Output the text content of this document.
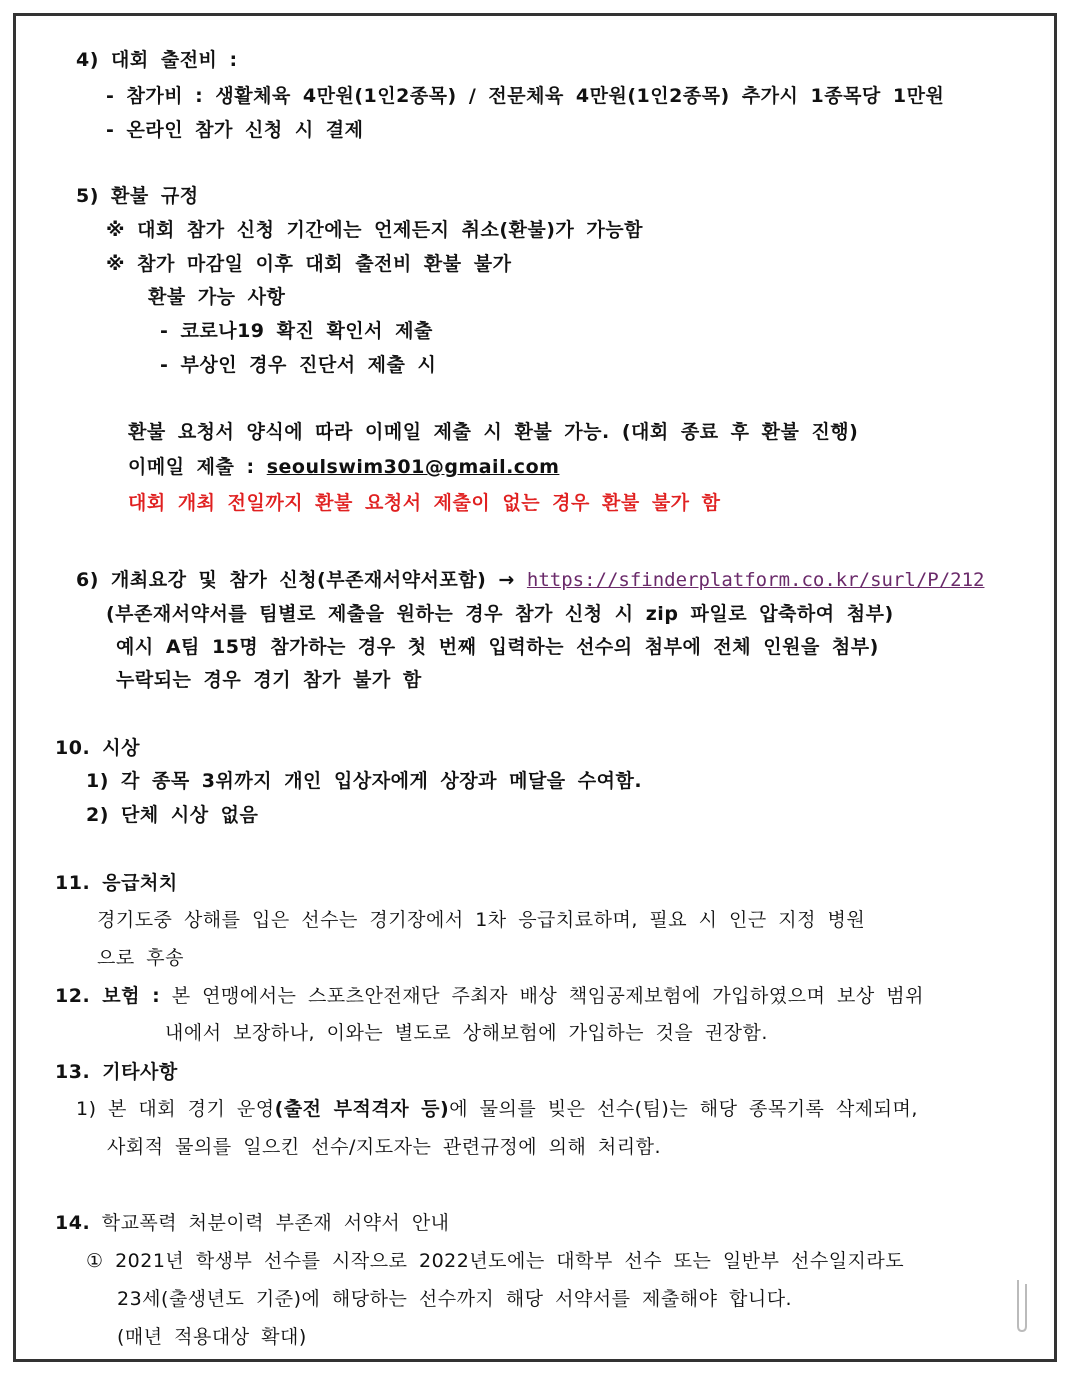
4) 대회 출전비 :
- 참가비 : 생활체육 4만원(1인2종목) / 전문체육 4만원(1인2종목) 추가시 1종목당 1만원
- 온라인 참가 신청 시 결제
5) 환불 규정
※ 대회 참가 신청 기간에는 언제든지 취소(환불)가 가능함
※ 참가 마감일 이후 대회 출전비 환불 불가
환불 가능 사항
- 코로나19 확진 확인서 제출
- 부상인 경우 진단서 제출 시
환불 요청서 양식에 따라 이메일 제출 시 환불 가능. (대회 종료 후 환불 진행)
이메일 제출 : seoulswim301@gmail.com
대회 개최 전일까지 환불 요청서 제출이 없는 경우 환불 불가 함
6) 개최요강 및 참가 신청(부존재서약서포함) → https://sfinderplatform.co.kr/surl/P/212
(부존재서약서를 팀별로 제출을 원하는 경우 참가 신청 시 zip 파일로 압축하여 첨부)
예시 A팀 15명 참가하는 경우 첫 번째 입력하는 선수의 첨부에 전체 인원을 첨부)
누락되는 경우 경기 참가 불가 함
10. 시상
1) 각 종목 3위까지 개인 입상자에게 상장과 메달을 수여함.
2) 단체 시상 없음
11. 응급처치
경기도중 상해를 입은 선수는 경기장에서 1차 응급치료하며, 필요 시 인근 지정 병원
으로 후송
12. 보험 : 본 연맹에서는 스포츠안전재단 주최자 배상 책임공제보험에 가입하였으며 보상 범위
내에서 보장하나, 이와는 별도로 상해보험에 가입하는 것을 권장함.
13. 기타사항
1) 본 대회 경기 운영(출전 부적격자 등)에 물의를 빚은 선수(팀)는 해당 종목기록 삭제되며,
사회적 물의를 일으킨 선수/지도자는 관련규정에 의해 처리함.
14. 학교폭력 처분이력 부존재 서약서 안내
① 2021년 학생부 선수를 시작으로 2022년도에는 대학부 선수 또는 일반부 선수일지라도
23세(출생년도 기준)에 해당하는 선수까지 해당 서약서를 제출해야 합니다.
(매년 적용대상 확대)
